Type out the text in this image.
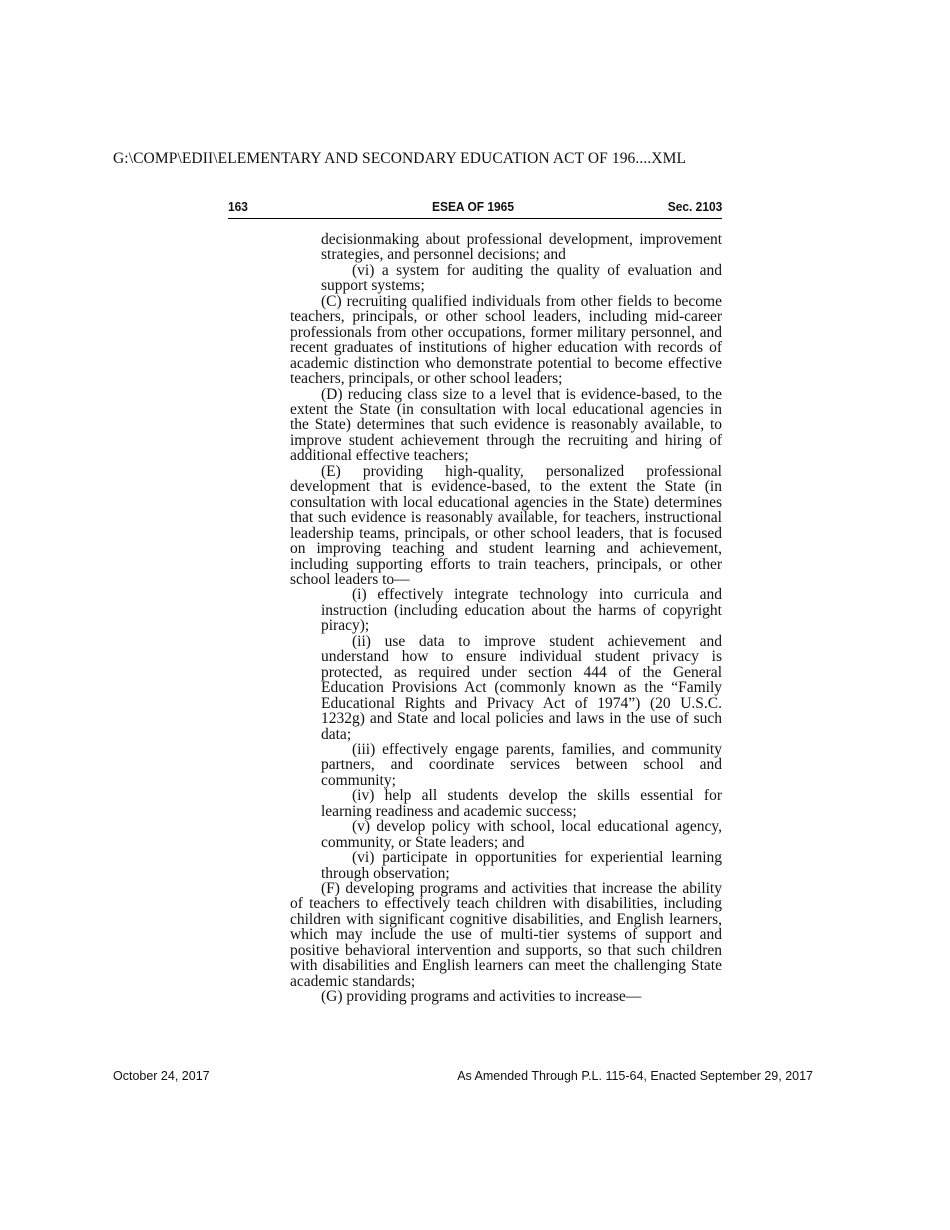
G:\COMP\EDII\ELEMENTARY AND SECONDARY EDUCATION ACT OF 196....XML
163	ESEA OF 1965	Sec. 2103
decisionmaking about professional development, improvement strategies, and personnel decisions; and
(vi) a system for auditing the quality of evaluation and support systems;
(C) recruiting qualified individuals from other fields to become teachers, principals, or other school leaders, including mid-career professionals from other occupations, former military personnel, and recent graduates of institutions of higher education with records of academic distinction who demonstrate potential to become effective teachers, principals, or other school leaders;
(D) reducing class size to a level that is evidence-based, to the extent the State (in consultation with local educational agencies in the State) determines that such evidence is reasonably available, to improve student achievement through the recruiting and hiring of additional effective teachers;
(E) providing high-quality, personalized professional development that is evidence-based, to the extent the State (in consultation with local educational agencies in the State) determines that such evidence is reasonably available, for teachers, instructional leadership teams, principals, or other school leaders, that is focused on improving teaching and student learning and achievement, including supporting efforts to train teachers, principals, or other school leaders to—
(i) effectively integrate technology into curricula and instruction (including education about the harms of copyright piracy);
(ii) use data to improve student achievement and understand how to ensure individual student privacy is protected, as required under section 444 of the General Education Provisions Act (commonly known as the “Family Educational Rights and Privacy Act of 1974”) (20 U.S.C. 1232g) and State and local policies and laws in the use of such data;
(iii) effectively engage parents, families, and community partners, and coordinate services between school and community;
(iv) help all students develop the skills essential for learning readiness and academic success;
(v) develop policy with school, local educational agency, community, or State leaders; and
(vi) participate in opportunities for experiential learning through observation;
(F) developing programs and activities that increase the ability of teachers to effectively teach children with disabilities, including children with significant cognitive disabilities, and English learners, which may include the use of multi-tier systems of support and positive behavioral intervention and supports, so that such children with disabilities and English learners can meet the challenging State academic standards;
(G) providing programs and activities to increase—
October 24, 2017	As Amended Through P.L. 115-64, Enacted September 29, 2017
